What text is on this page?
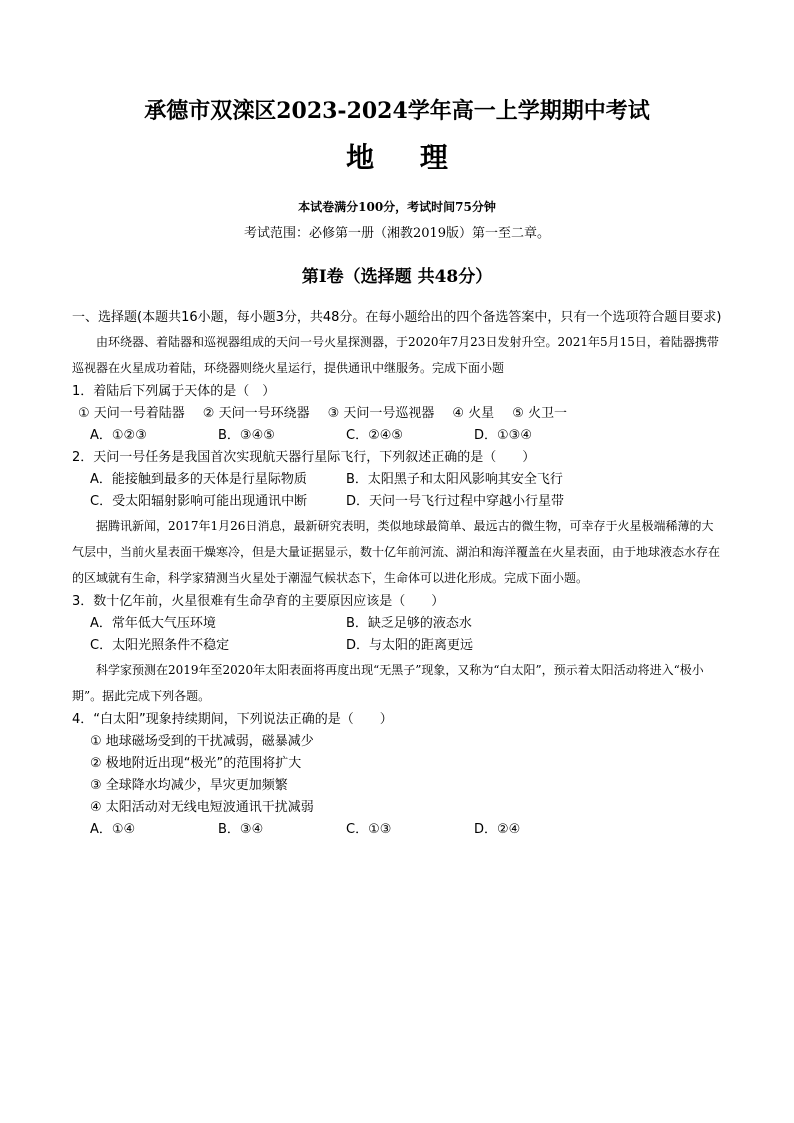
承德市双滦区2023-2024学年高一上学期期中考试
地 理
本试卷满分100分，考试时间75分钟
考试范围：必修第一册（湘教2019版）第一至二章。
第Ⅰ卷（选择题 共48分）

一、选择题(本题共16小题，每小题3分，共48分。在每小题给出的四个备选答案中，只有一个选项符合题目要求)

由环绕器、着陆器和巡视器组成的天问一号火星探测器，于2020年7月23日发射升空。2021年5月15日，着陆器携带巡视器在火星成功着陆，环绕器则绕火星运行，提供通讯中继服务。完成下面小题

1．着陆后下列属于天体的是（　）

① 天问一号着陆器 ② 天问一号环绕器 ③ 天问一号巡视器 ④ 火星 ⑤ 火卫一
A．①②③	B．③④⑤	C．②④⑤	D．①③④

2．天问一号任务是我国首次实现航天器行星际飞行，下列叙述正确的是（　　）

A．能接触到最多的天体是行星际物质	B．太阳黑子和太阳风影响其安全飞行
C．受太阳辐射影响可能出现通讯中断	D．天问一号飞行过程中穿越小行星带

据腾讯新闻，2017年1月26日消息，最新研究表明，类似地球最简单、最远古的微生物，可幸存于火星极端稀薄的大气层中，当前火星表面干燥寒冷，但是大量证据显示，数十亿年前河流、湖泊和海洋覆盖在火星表面，由于地球液态水存在的区域就有生命，科学家猜测当火星处于潮湿气候状态下，生命体可以进化形成。完成下面小题。

3．数十亿年前，火星很难有生命孕育的主要原因应该是（　　）

A．常年低大气压环境	B．缺乏足够的液态水
C．太阳光照条件不稳定	D．与太阳的距离更远

科学家预测在2019年至2020年太阳表面将再度出现“无黑子”现象，又称为“白太阳”，预示着太阳活动将进入“极小期”。据此完成下列各题。

4．“白太阳”现象持续期间，下列说法正确的是（　　）

① 地球磁场受到的干扰减弱，磁暴减少
② 极地附近出现“极光”的范围将扩大
③ 全球降水均减少，旱灾更加频繁
④ 太阳活动对无线电短波通讯干扰减弱
A．①④	B．③④	C．①③	D．②④
